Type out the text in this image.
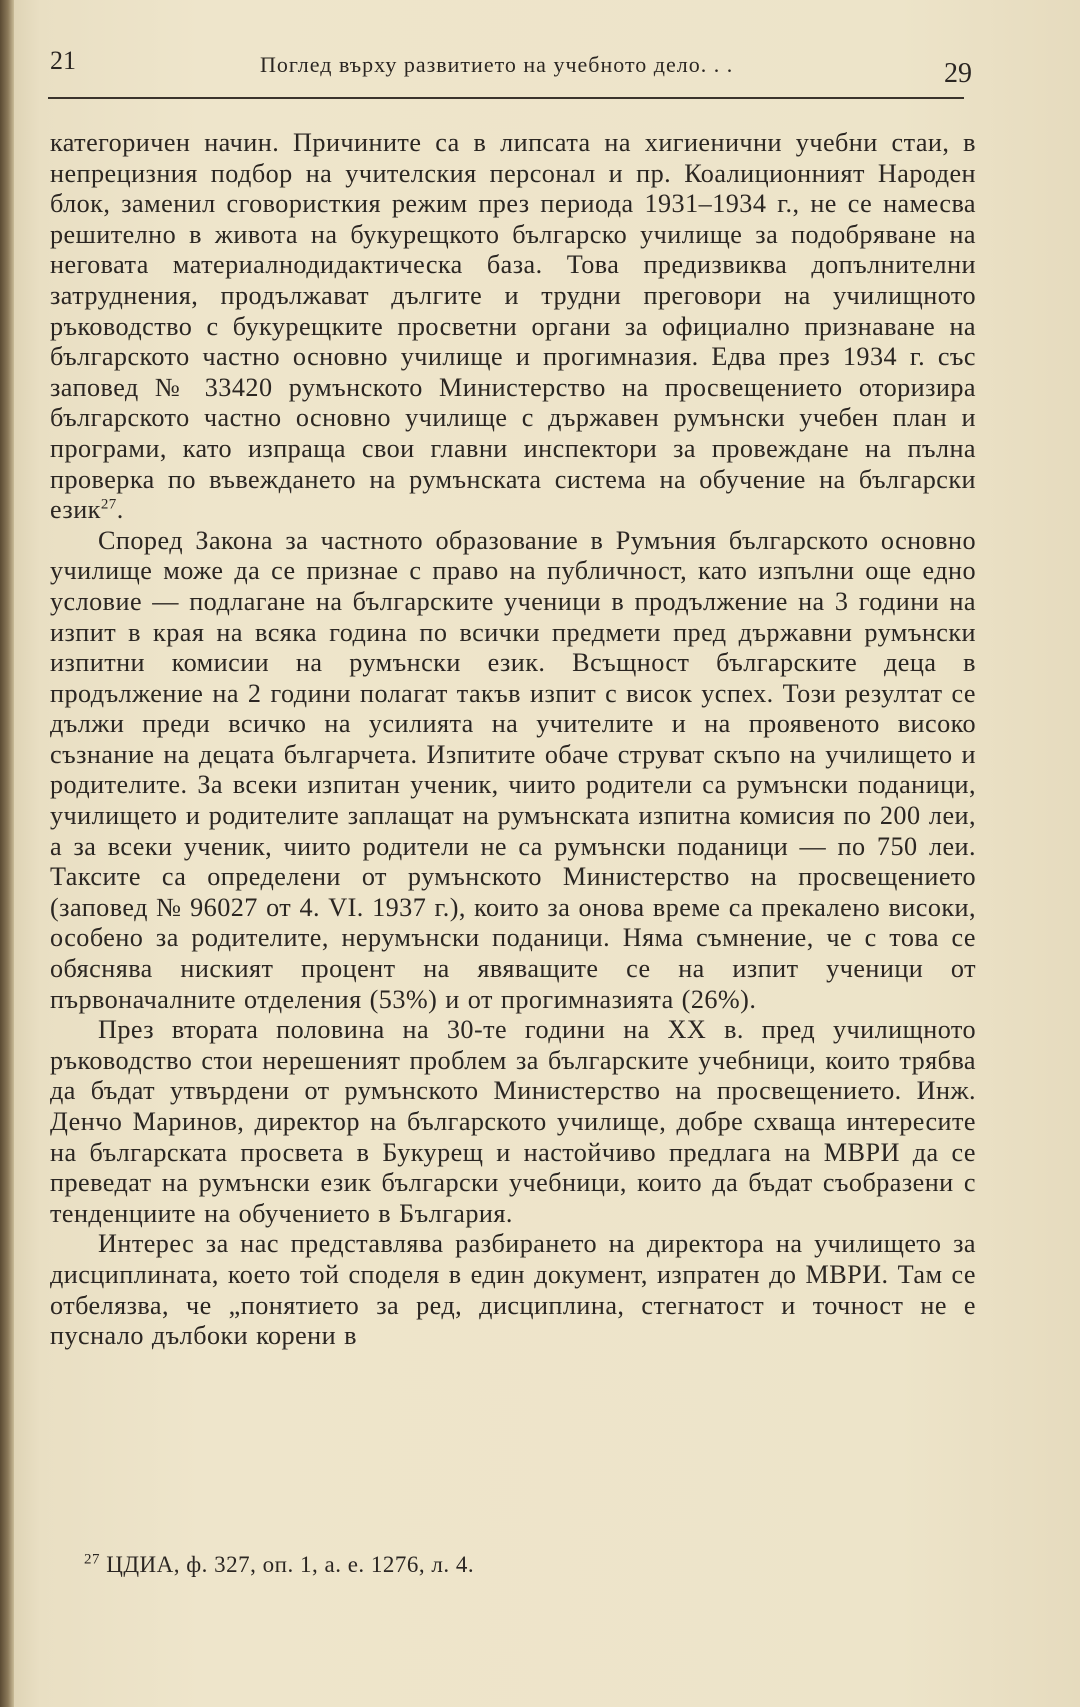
21	Поглед върху развитието на учебното дело. . .	29

категоричен начин. Причините са в липсата на хигиенични учебни стаи, в непрецизния подбор на учителския персонал и пр. Коалиционният Народен блок, заменил сговористкия режим през периода 1931–1934 г., не се намесва решително в живота на букурещкото българско училище за подобряване на неговата материалнодидактическа база. Това предизвиква допълнителни затруднения, продължават дългите и трудни преговори на училищното ръководство с букурещките просветни органи за официално признаване на българското частно основно училище и прогимназия. Едва през 1934 г. със заповед № 33420 румънското Министерство на просвещението оторизира българското частно основно училище с държавен румънски учебен план и програми, като изпраща свои главни инспектори за провеждане на пълна проверка по въвеждането на румънската система на обучение на български език$^{27}$.

Според Закона за частното образование в Румъния българското основно училище може да се признае с право на публичност, като изпълни още едно условие — подлагане на българските ученици в продължение на 3 години на изпит в края на всяка година по всички предмети пред държавни румънски изпитни комисии на румънски език. Всъщност българските деца в продължение на 2 години полагат такъв изпит с висок успех. Този резултат се дължи преди всичко на усилията на учителите и на проявеното високо съзнание на децата българчета. Изпитите обаче струват скъпо на училището и родителите. За всеки изпитан ученик, чиито родители са румънски поданици, училището и родителите заплащат на румънската изпитна комисия по 200 леи, а за всеки ученик, чиито родители не са румънски поданици — по 750 леи. Таксите са определени от румънското Министерство на просвещението (заповед № 96027 от 4. VI. 1937 г.), които за онова време са прекалено високи, особено за родителите, нерумънски поданици. Няма съмнение, че с това се обяснява ниският процент на явяващите се на изпит ученици от първоначалните отделения (53%) и от прогимназията (26%).

През втората половина на 30-те години на XX в. пред училищното ръководство стои нерешеният проблем за българските учебници, които трябва да бъдат утвърдени от румънското Министерство на просвещението. Инж. Денчо Маринов, директор на българското училище, добре схваща интересите на българската просвета в Букурещ и настойчиво предлага на МВРИ да се преведат на румънски език български учебници, които да бъдат съобразени с тенденциите на обучението в България.

Интерес за нас представлява разбирането на директора на училището за дисциплината, което той споделя в един документ, изпратен до МВРИ. Там се отбелязва, че „понятието за ред, дисциплина, стегнатост и точност не е пуснало дълбоки корени в

$^{27}$ ЦДИА, ф. 327, оп. 1, а. е. 1276, л. 4.
